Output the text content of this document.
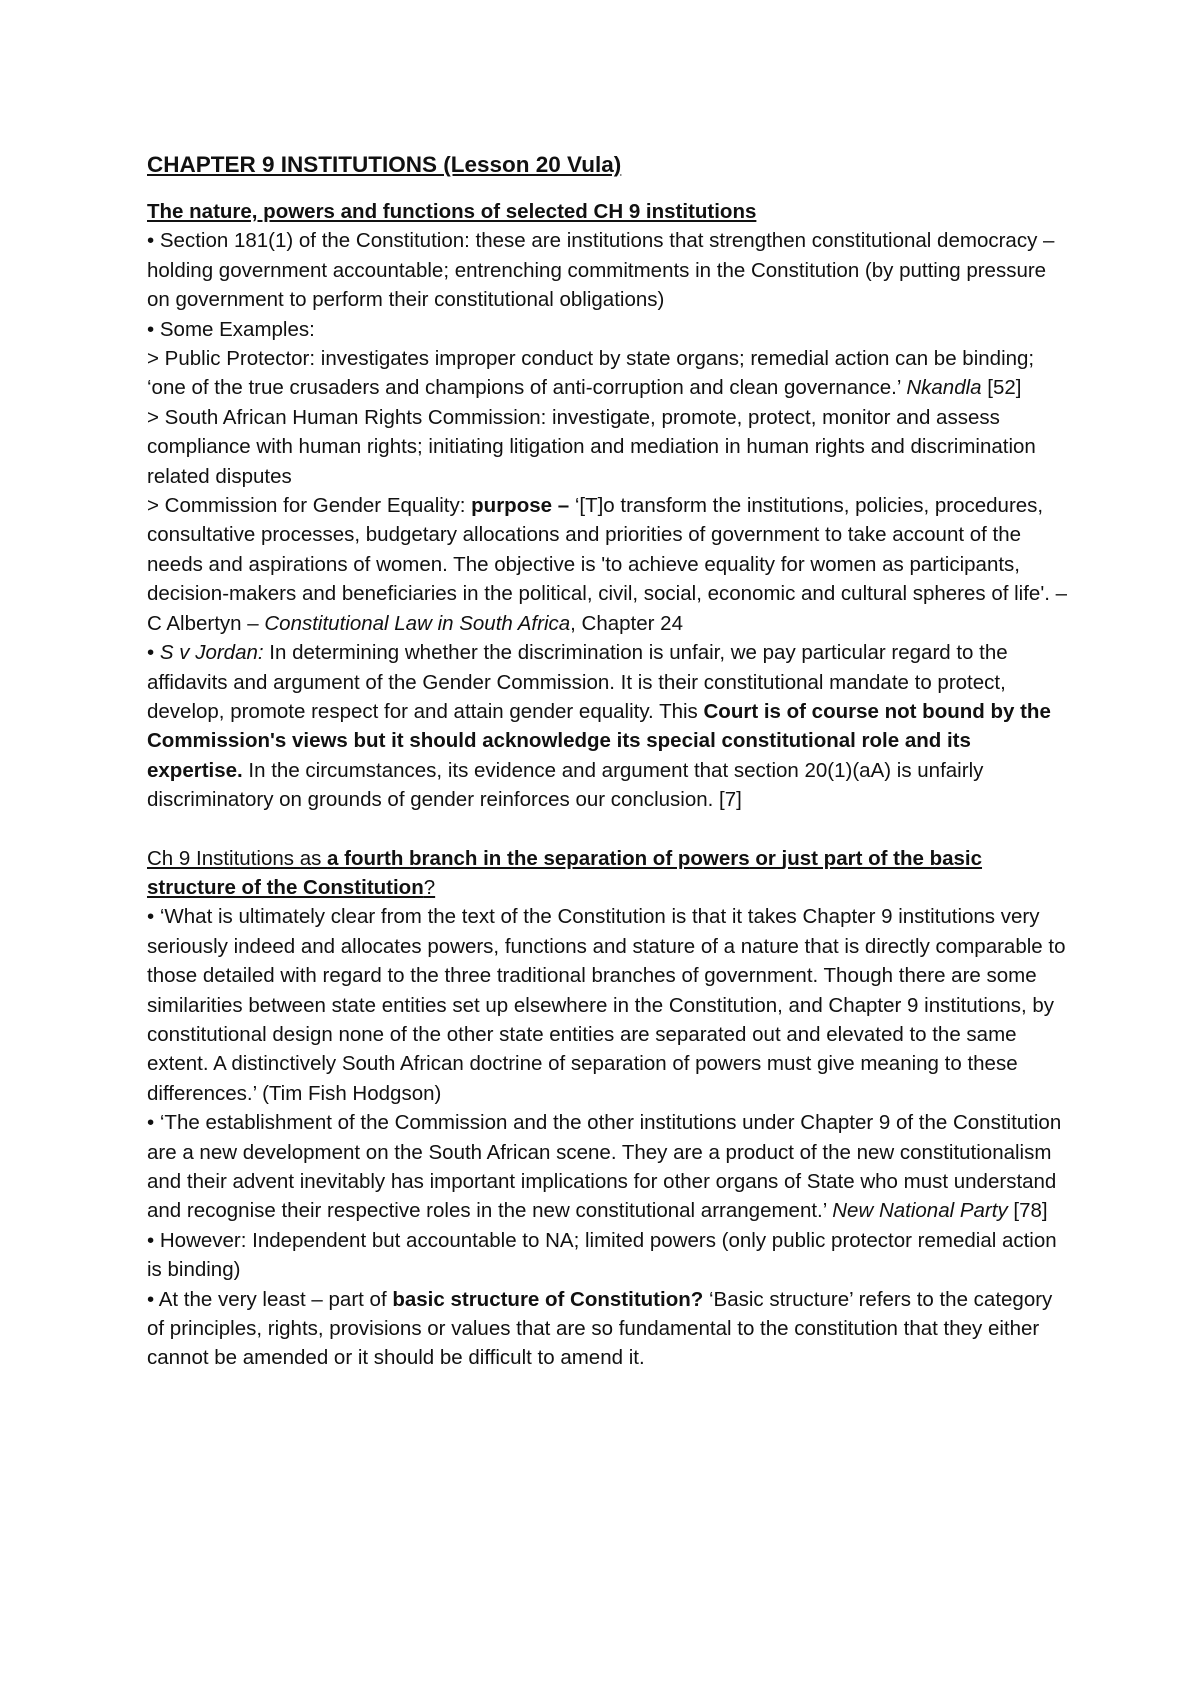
CHAPTER 9 INSTITUTIONS (Lesson 20 Vula)

The nature, powers and functions of selected CH 9 institutions

• Section 181(1) of the Constitution: these are institutions that strengthen constitutional democracy – holding government accountable; entrenching commitments in the Constitution (by putting pressure on government to perform their constitutional obligations)

• Some Examples:

> Public Protector: investigates improper conduct by state organs; remedial action can be binding; ‘one of the true crusaders and champions of anti-corruption and clean governance.’ Nkandla [52]

> South African Human Rights Commission: investigate, promote, protect, monitor and assess compliance with human rights; initiating litigation and mediation in human rights and discrimination related disputes

> Commission for Gender Equality: purpose – ‘[T]o transform the institutions, policies, procedures, consultative processes, budgetary allocations and priorities of government to take account of the needs and aspirations of women. The objective is 'to achieve equality for women as participants, decision-makers and beneficiaries in the political, civil, social, economic and cultural spheres of life'. – C Albertyn – Constitutional Law in South Africa, Chapter 24

• S v Jordan: In determining whether the discrimination is unfair, we pay particular regard to the affidavits and argument of the Gender Commission. It is their constitutional mandate to protect, develop, promote respect for and attain gender equality. This Court is of course not bound by the Commission's views but it should acknowledge its special constitutional role and its expertise. In the circumstances, its evidence and argument that section 20(1)(aA) is unfairly discriminatory on grounds of gender reinforces our conclusion. [7]

Ch 9 Institutions as a fourth branch in the separation of powers or just part of the basic structure of the Constitution?

• ‘What is ultimately clear from the text of the Constitution is that it takes Chapter 9 institutions very seriously indeed and allocates powers, functions and stature of a nature that is directly comparable to those detailed with regard to the three traditional branches of government. Though there are some similarities between state entities set up elsewhere in the Constitution, and Chapter 9 institutions, by constitutional design none of the other state entities are separated out and elevated to the same extent. A distinctively South African doctrine of separation of powers must give meaning to these differences.’ (Tim Fish Hodgson)

• ‘The establishment of the Commission and the other institutions under Chapter 9 of the Constitution are a new development on the South African scene. They are a product of the new constitutionalism and their advent inevitably has important implications for other organs of State who must understand and recognise their respective roles in the new constitutional arrangement.’ New National Party [78]

• However: Independent but accountable to NA; limited powers (only public protector remedial action is binding)

• At the very least – part of basic structure of Constitution? ‘Basic structure’ refers to the category of principles, rights, provisions or values that are so fundamental to the constitution that they either cannot be amended or it should be difficult to amend it.
